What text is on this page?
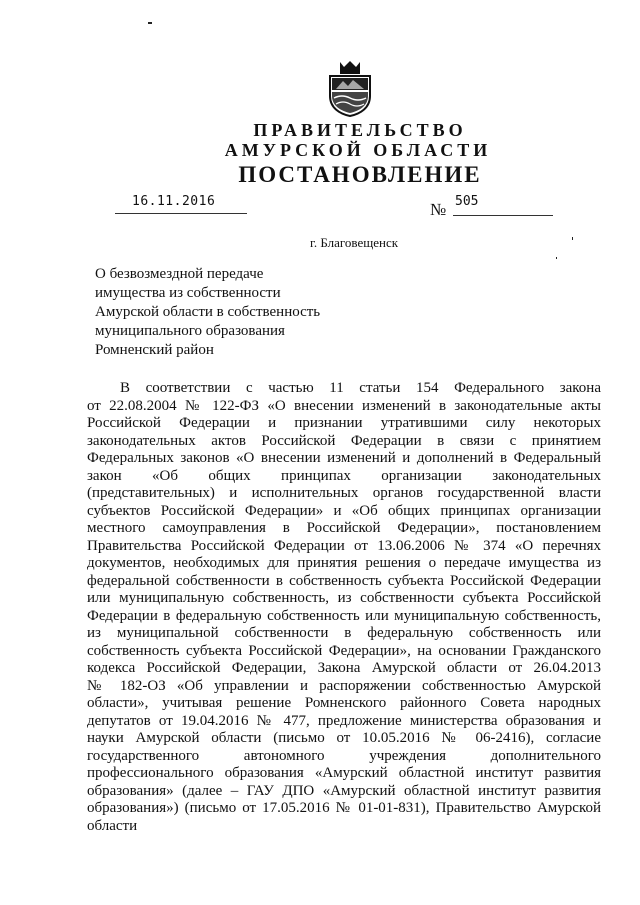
ПРАВИТЕЛЬСТВО
АМУРСКОЙ ОБЛАСТИ
ПОСТАНОВЛЕНИЕ
16.11.2016	№ 505
г. Благовещенск
О безвозмездной передаче
имущества из собственности
Амурской области в собственность
муниципального образования
Ромненский район
В соответствии с частью 11 статьи 154 Федерального закона
от 22.08.2004 № 122-ФЗ «О внесении изменений в законодательные акты
Российской Федерации и признании утратившими силу некоторых
законодательных актов Российской Федерации в связи с принятием
Федеральных законов «О внесении изменений и дополнений в Федеральный
закон «Об общих принципах организации законодательных
(представительных) и исполнительных органов государственной власти
субъектов Российской Федерации» и «Об общих принципах организации
местного самоуправления в Российской Федерации», постановлением
Правительства Российской Федерации от 13.06.2006 № 374 «О перечнях
документов, необходимых для принятия решения о передаче имущества из
федеральной собственности в собственность субъекта Российской Федерации
или муниципальную собственность, из собственности субъекта Российской
Федерации в федеральную собственность или муниципальную собственность,
из муниципальной собственности в федеральную собственность или
собственность субъекта Российской Федерации», на основании Гражданского
кодекса Российской Федерации, Закона Амурской области от 26.04.2013
№ 182-ОЗ «Об управлении и распоряжении собственностью Амурской
области», учитывая решение Ромненского районного Совета народных
депутатов от 19.04.2016 № 477, предложение министерства образования и
науки Амурской области (письмо от 10.05.2016 № 06-2416), согласие
государственного автономного учреждения дополнительного
профессионального образования «Амурский областной институт развития
образования» (далее – ГАУ ДПО «Амурский областной институт развития
образования») (письмо от 17.05.2016 № 01-01-831), Правительство Амурской
области
